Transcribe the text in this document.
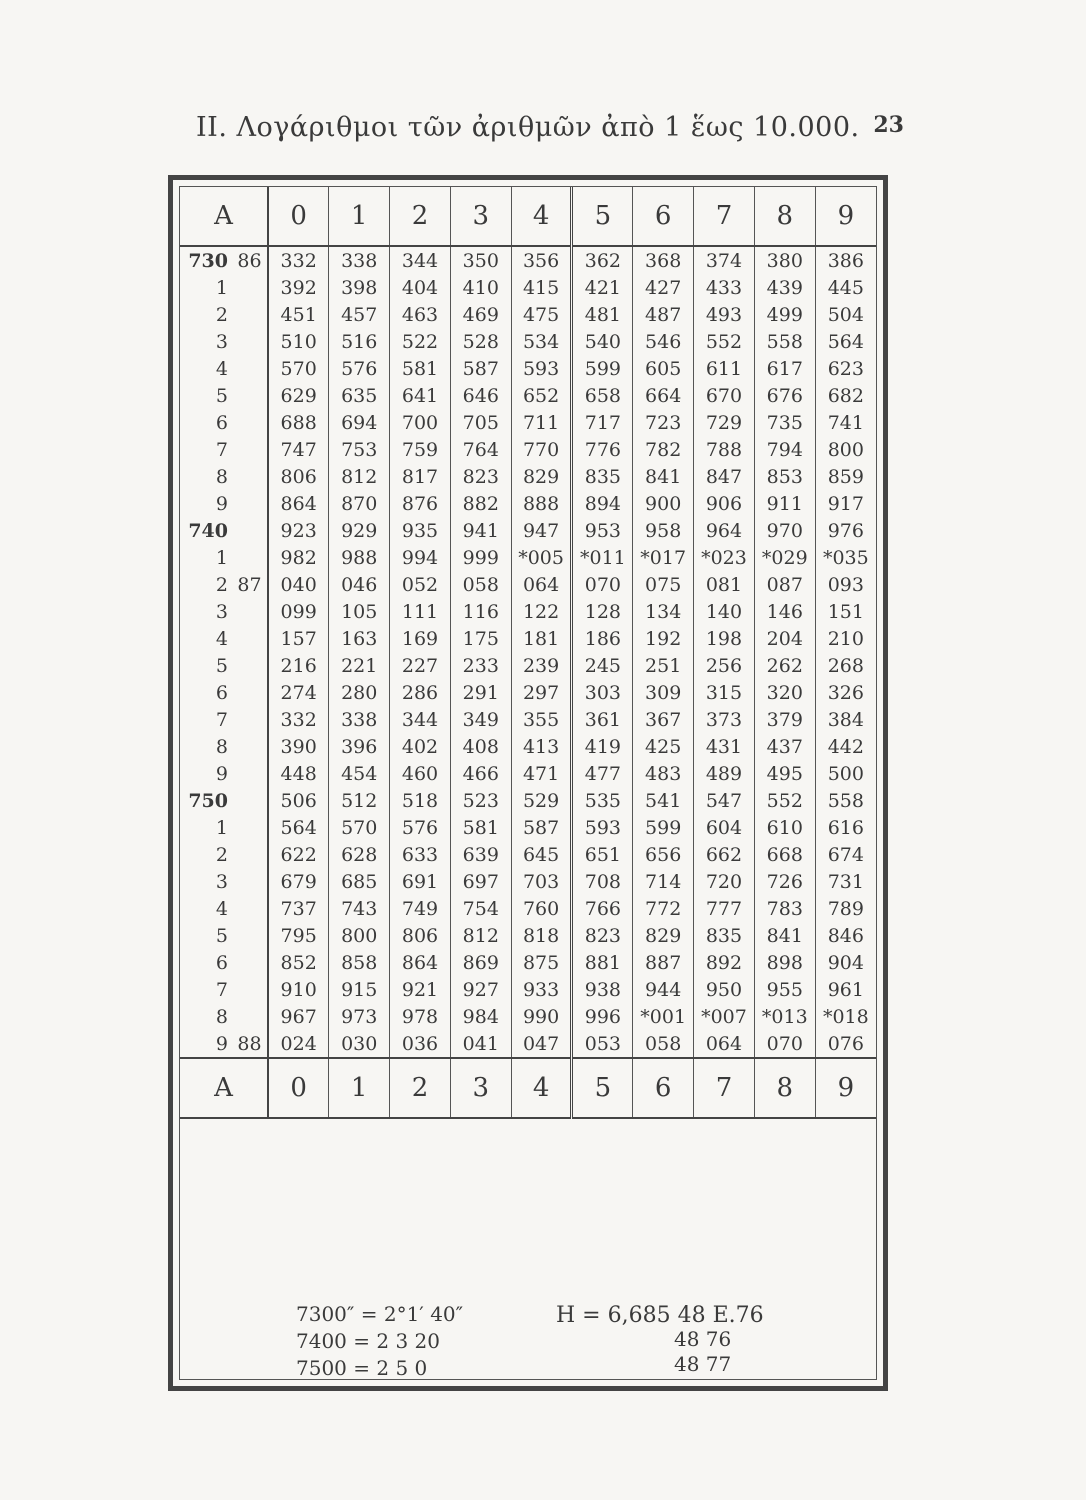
II. Λογάριθμοι τῶν ἀριθμῶν ἀπὸ 1 ἕως 10.000. 23
A		0	1	2	3	4	5	6	7	8	9
730	86	332	338	344	350	356	362	368	374	380	386
1		392	398	404	410	415	421	427	433	439	445
2		451	457	463	469	475	481	487	493	499	504
3		510	516	522	528	534	540	546	552	558	564
4		570	576	581	587	593	599	605	611	617	623
5		629	635	641	646	652	658	664	670	676	682
6		688	694	700	705	711	717	723	729	735	741
7		747	753	759	764	770	776	782	788	794	800
8		806	812	817	823	829	835	841	847	853	859
9		864	870	876	882	888	894	900	906	911	917
740		923	929	935	941	947	953	958	964	970	976
1		982	988	994	999	*005	*011	*017	*023	*029	*035
2	87	040	046	052	058	064	070	075	081	087	093
3		099	105	111	116	122	128	134	140	146	151
4		157	163	169	175	181	186	192	198	204	210
5		216	221	227	233	239	245	251	256	262	268
6		274	280	286	291	297	303	309	315	320	326
7		332	338	344	349	355	361	367	373	379	384
8		390	396	402	408	413	419	425	431	437	442
9		448	454	460	466	471	477	483	489	495	500
750		506	512	518	523	529	535	541	547	552	558
1		564	570	576	581	587	593	599	604	610	616
2		622	628	633	639	645	651	656	662	668	674
3		679	685	691	697	703	708	714	720	726	731
4		737	743	749	754	760	766	772	777	783	789
5		795	800	806	812	818	823	829	835	841	846
6		852	858	864	869	875	881	887	892	898	904
7		910	915	921	927	933	938	944	950	955	961
8		967	973	978	984	990	996	*001	*007	*013	*018
9	88	024	030	036	041	047	053	058	064	070	076
A		0	1	2	3	4	5	6	7	8	9
7300″ = 2°1′ 40″
7400 = 2 3 20
7500 = 2 5 0
H = 6,685 48 E.76
48 76
48 77
